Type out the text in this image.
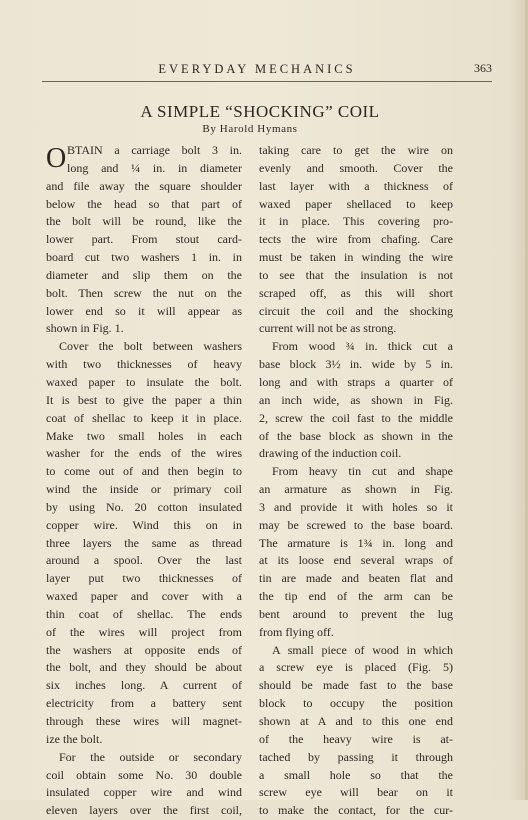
EVERYDAY MECHANICS	363
A SIMPLE “SHOCKING” COIL
By Harold Hymans
O BTAIN a carriage bolt 3 in.
long and ¼ in. in diameter
and file away the square shoulder
below the head so that part of
the bolt will be round, like the
lower part. From stout card-
board cut two washers 1 in. in
diameter and slip them on the
bolt. Then screw the nut on the
lower end so it will appear as
shown in Fig. 1.
Cover the bolt between washers
with two thicknesses of heavy
waxed paper to insulate the bolt.
It is best to give the paper a thin
coat of shellac to keep it in place.
Make two small holes in each
washer for the ends of the wires
to come out of and then begin to
wind the inside or primary coil
by using No. 20 cotton insulated
copper wire. Wind this on in
three layers the same as thread
around a spool. Over the last
layer put two thicknesses of
waxed paper and cover with a
thin coat of shellac. The ends
of the wires will project from
the washers at opposite ends of
the bolt, and they should be about
six inches long. A current of
electricity from a battery sent
through these wires will magnet-
ize the bolt.
For the outside or secondary
coil obtain some No. 30 double
insulated copper wire and wind
eleven layers over the first coil,
taking care to get the wire on
evenly and smooth. Cover the
last layer with a thickness of
waxed paper shellaced to keep
it in place. This covering pro-
tects the wire from chafing. Care
must be taken in winding the wire
to see that the insulation is not
scraped off, as this will short
circuit the coil and the shocking
current will not be as strong.
From wood ¾ in. thick cut a
base block 3½ in. wide by 5 in.
long and with straps a quarter of
an inch wide, as shown in Fig.
2, screw the coil fast to the middle
of the base block as shown in the
drawing of the induction coil.
From heavy tin cut and shape
an armature as shown in Fig.
3 and provide it with holes so it
may be screwed to the base board.
The armature is 1¾ in. long and
at its loose end several wraps of
tin are made and beaten flat and
the tip end of the arm can be
bent around to prevent the lug
from flying off.
A small piece of wood in which
a screw eye is placed (Fig. 5)
should be made fast to the base
block to occupy the position
shown at A and to this one end
of the heavy wire is at-
tached by passing it through
a small hole so that the
screw eye will bear on it
to make the contact, for the cur-
